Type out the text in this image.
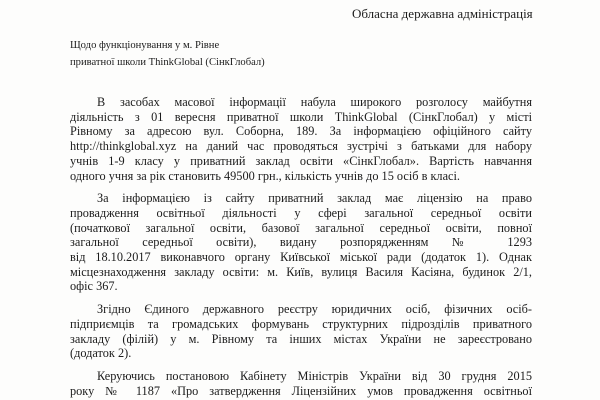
Обласна державна адміністрація
Щодо функціонування у м. Рівне
приватної школи ThinkGlobal (СінкГлобал)
В засобах масової інформації набула широкого розголосу майбутня
діяльність з 01 вересня приватної школи ThinkGlobal (СінкГлобал) у місті
Рівному за адресою вул. Соборна, 189. За інформацією офіційного сайту
http://thinkglobal.xyz на даний час проводяться зустрічі з батьками для набору
учнів 1-9 класу у приватний заклад освіти «СінкГлобал». Вартість навчання
одного учня за рік становить 49500 грн., кількість учнів до 15 осіб в класі.
За інформацією із сайту приватний заклад має ліцензію на право
провадження освітньої діяльності у сфері загальної середньої освіти
(початкової загальної освіти, базової загальної середньої освіти, повної
загальної середньої освіти), видану розпорядженням № 1293
від 18.10.2017 виконавчого органу Київської міської ради (додаток 1). Однак
місцезнаходження закладу освіти: м. Київ, вулиця Василя Касіяна, будинок 2/1,
офіс 367.
Згідно Єдиного державного реєстру юридичних осіб, фізичних осіб-
підприємців та громадських формувань структурних підрозділів приватного
закладу (філій) у м. Рівному та інших містах України не зареєстровано
(додаток 2).
Керуючись постановою Кабінету Міністрів України від 30 грудня 2015
року № 1187 «Про затвердження Ліцензійних умов провадження освітньої
